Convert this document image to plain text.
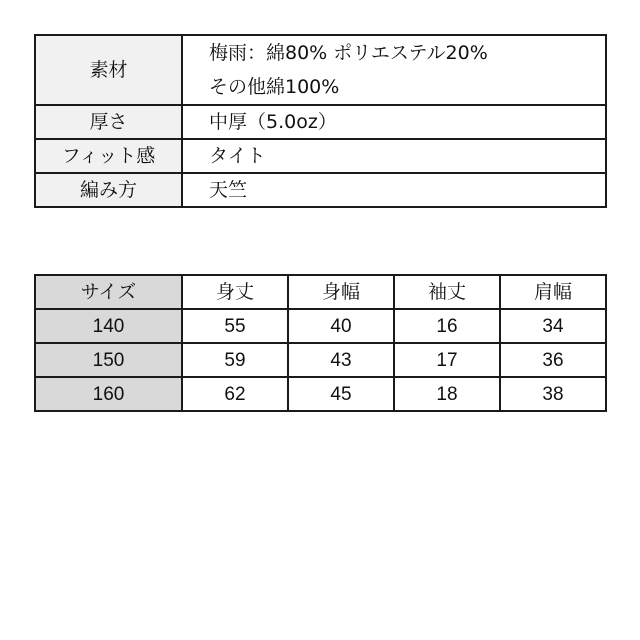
素材	梅雨：綿80% ポリエステル20%
その他綿100%

厚さ	中厚（5.0oz）
フィット感	タイト
編み方	天竺
サイズ	身丈	身幅	袖丈	肩幅
140	55	40	16	34
150	59	43	17	36
160	62	45	18	38
